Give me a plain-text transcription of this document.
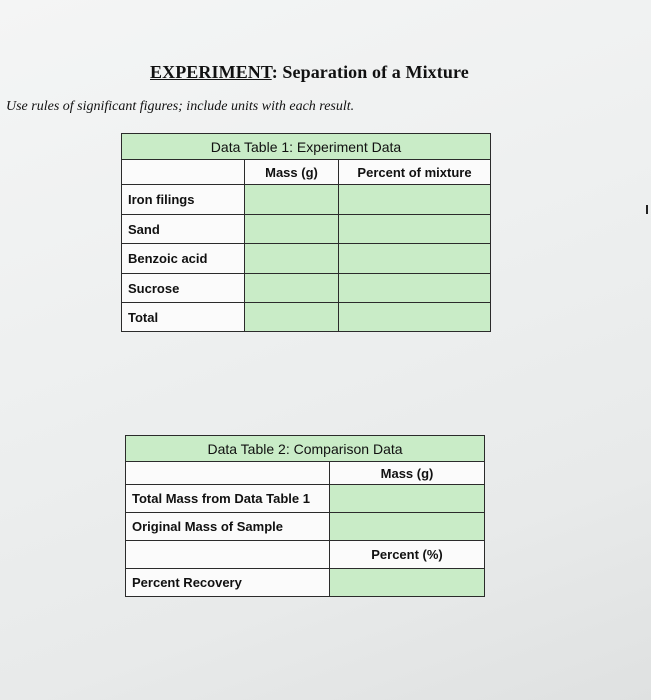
EXPERIMENT: Separation of a Mixture
Use rules of significant figures; include units with each result.
Data Table 1: Experiment Data		
	Mass (g)	Percent of mixture
Iron filings		
Sand		
Benzoic acid		
Sucrose		
Total		
Data Table 2: Comparison Data	
	Mass (g)
Total Mass from Data Table 1	
Original Mass of Sample	
	Percent (%)
Percent Recovery	
